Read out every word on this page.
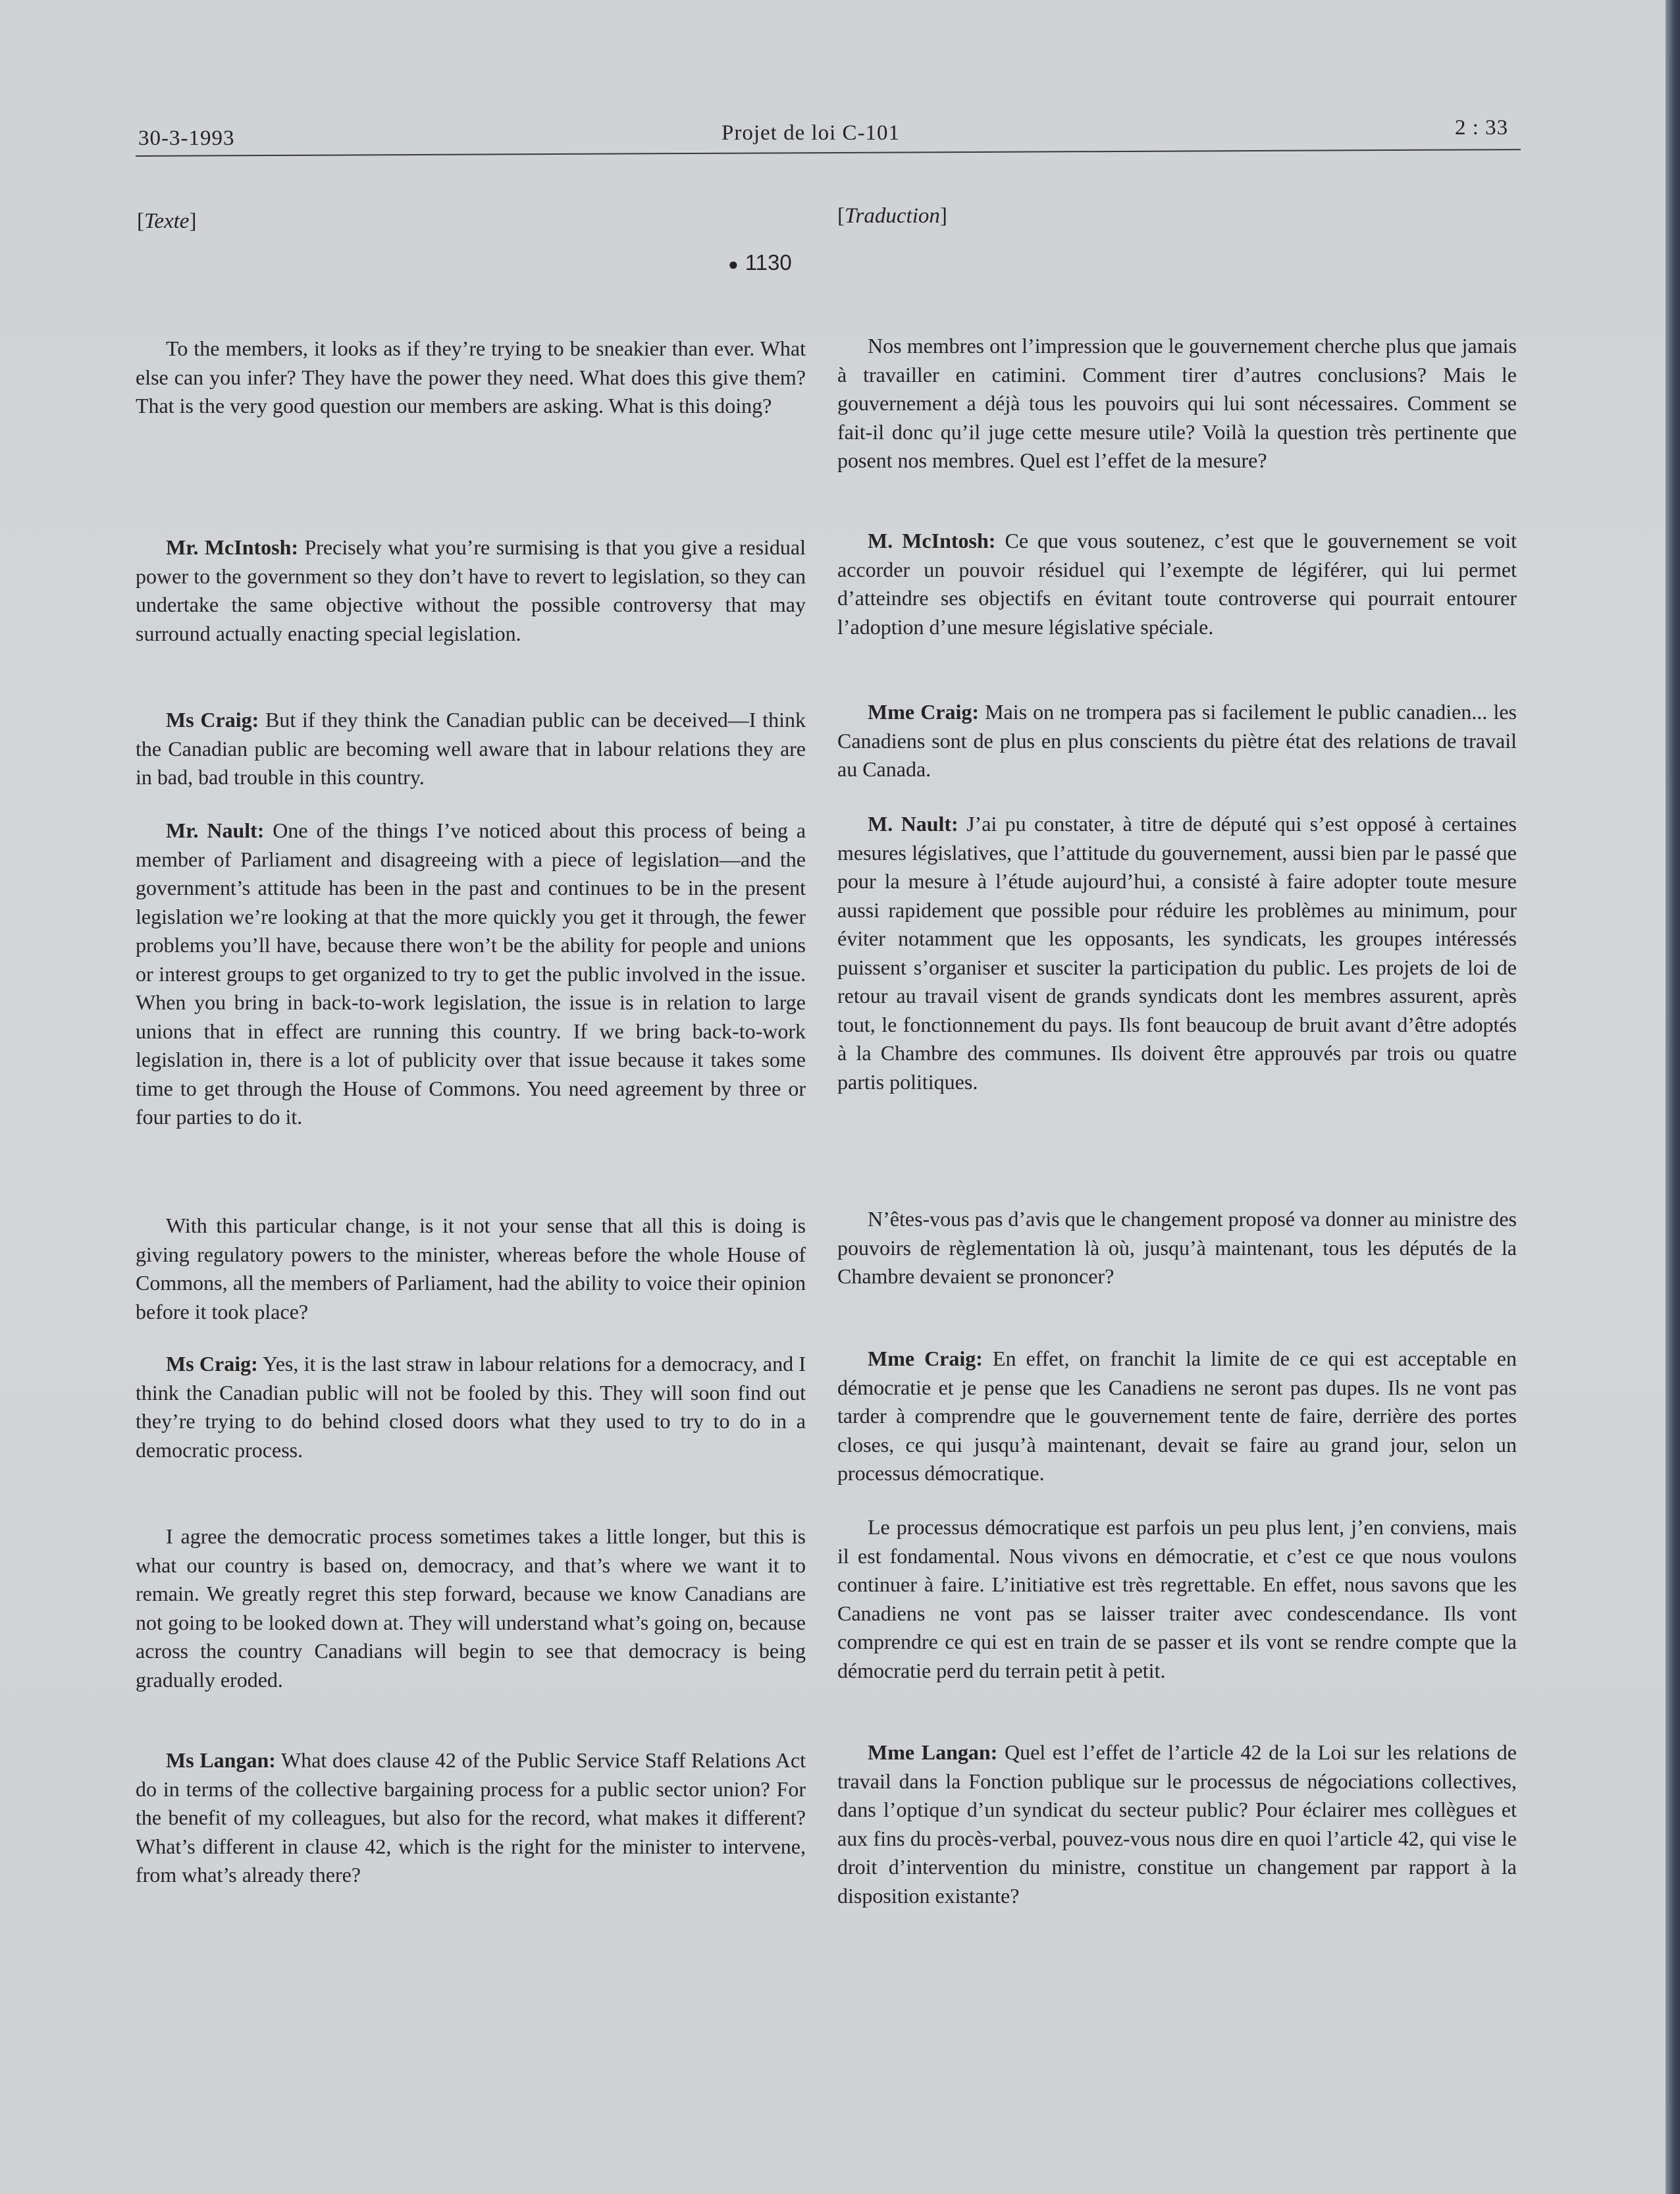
30-3-1993	Projet de loi C-101	2 : 33
[Texte]	[Traduction]
● 1130

To the members, it looks as if they’re trying to be sneakier than ever. What else can you infer? They have the power they need. What does this give them? That is the very good question our members are asking. What is this doing?

Mr. McIntosh: Precisely what you’re surmising is that you give a residual power to the government so they don’t have to revert to legislation, so they can undertake the same objective without the possible controversy that may surround actually enacting special legislation.

Ms Craig: But if they think the Canadian public can be deceived—I think the Canadian public are becoming well aware that in labour relations they are in bad, bad trouble in this country.

Mr. Nault: One of the things I’ve noticed about this process of being a member of Parliament and disagreeing with a piece of legislation—and the government’s attitude has been in the past and continues to be in the present legislation we’re looking at that the more quickly you get it through, the fewer problems you’ll have, because there won’t be the ability for people and unions or interest groups to get organized to try to get the public involved in the issue. When you bring in back-to-work legislation, the issue is in relation to large unions that in effect are running this country. If we bring back-to-work legislation in, there is a lot of publicity over that issue because it takes some time to get through the House of Commons. You need agreement by three or four parties to do it.

With this particular change, is it not your sense that all this is doing is giving regulatory powers to the minister, whereas before the whole House of Commons, all the members of Parliament, had the ability to voice their opinion before it took place?

Ms Craig: Yes, it is the last straw in labour relations for a democracy, and I think the Canadian public will not be fooled by this. They will soon find out they’re trying to do behind closed doors what they used to try to do in a democratic process.

I agree the democratic process sometimes takes a little longer, but this is what our country is based on, democracy, and that’s where we want it to remain. We greatly regret this step forward, because we know Canadians are not going to be looked down at. They will understand what’s going on, because across the country Canadians will begin to see that democracy is being gradually eroded.

Ms Langan: What does clause 42 of the Public Service Staff Relations Act do in terms of the collective bargaining process for a public sector union? For the benefit of my colleagues, but also for the record, what makes it different? What’s different in clause 42, which is the right for the minister to intervene, from what’s already there?

Nos membres ont l’impression que le gouvernement cherche plus que jamais à travailler en catimini. Comment tirer d’autres conclusions? Mais le gouvernement a déjà tous les pouvoirs qui lui sont nécessaires. Comment se fait-il donc qu’il juge cette mesure utile? Voilà la question très pertinente que posent nos membres. Quel est l’effet de la mesure?

M. McIntosh: Ce que vous soutenez, c’est que le gouvernement se voit accorder un pouvoir résiduel qui l’exempte de légiférer, qui lui permet d’atteindre ses objectifs en évitant toute controverse qui pourrait entourer l’adoption d’une mesure législative spéciale.

Mme Craig: Mais on ne trompera pas si facilement le public canadien... les Canadiens sont de plus en plus conscients du piètre état des relations de travail au Canada.

M. Nault: J’ai pu constater, à titre de député qui s’est opposé à certaines mesures législatives, que l’attitude du gouvernement, aussi bien par le passé que pour la mesure à l’étude aujourd’hui, a consisté à faire adopter toute mesure aussi rapidement que possible pour réduire les problèmes au minimum, pour éviter notamment que les opposants, les syndicats, les groupes intéressés puissent s’organiser et susciter la participation du public. Les projets de loi de retour au travail visent de grands syndicats dont les membres assurent, après tout, le fonctionnement du pays. Ils font beaucoup de bruit avant d’être adoptés à la Chambre des communes. Ils doivent être approuvés par trois ou quatre partis politiques.

N’êtes-vous pas d’avis que le changement proposé va donner au ministre des pouvoirs de règlementation là où, jusqu’à maintenant, tous les députés de la Chambre devaient se prononcer?

Mme Craig: En effet, on franchit la limite de ce qui est acceptable en démocratie et je pense que les Canadiens ne seront pas dupes. Ils ne vont pas tarder à comprendre que le gouvernement tente de faire, derrière des portes closes, ce qui jusqu’à maintenant, devait se faire au grand jour, selon un processus démocratique.

Le processus démocratique est parfois un peu plus lent, j’en conviens, mais il est fondamental. Nous vivons en démocratie, et c’est ce que nous voulons continuer à faire. L’initiative est très regrettable. En effet, nous savons que les Canadiens ne vont pas se laisser traiter avec condescendance. Ils vont comprendre ce qui est en train de se passer et ils vont se rendre compte que la démocratie perd du terrain petit à petit.

Mme Langan: Quel est l’effet de l’article 42 de la Loi sur les relations de travail dans la Fonction publique sur le processus de négociations collectives, dans l’optique d’un syndicat du secteur public? Pour éclairer mes collègues et aux fins du procès-verbal, pouvez-vous nous dire en quoi l’article 42, qui vise le droit d’intervention du ministre, constitue un changement par rapport à la disposition existante?
